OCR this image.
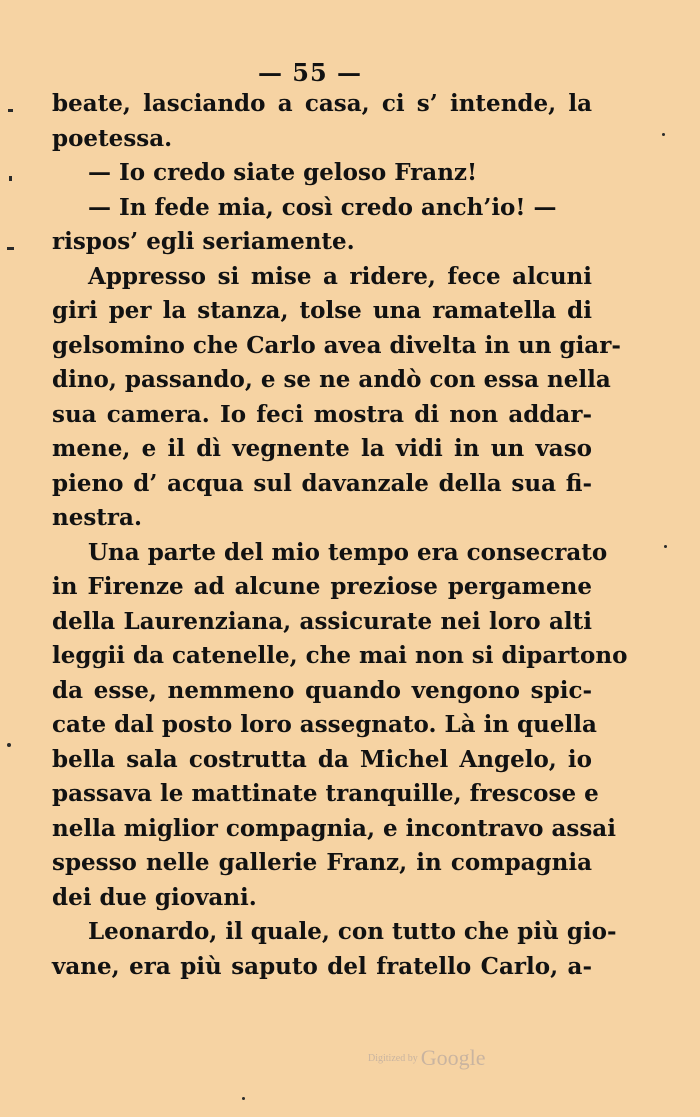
— 55 —
beate, lasciando a casa, ci s’ intende, la
poetessa.
— Io credo siate geloso Franz!
— In fede mia, così credo anch’io! —
rispos’ egli seriamente.
Appresso si mise a ridere, fece alcuni
giri per la stanza, tolse una ramatella di
gelsomino che Carlo avea divelta in un giar-
dino, passando, e se ne andò con essa nella
sua camera. Io feci mostra di non addar-
mene, e il dì vegnente la vidi in un vaso
pieno d’ acqua sul davanzale della sua fi-
nestra.
Una parte del mio tempo era consecrato
in Firenze ad alcune preziose pergamene
della Laurenziana, assicurate nei loro alti
leggii da catenelle, che mai non si dipartono
da esse, nemmeno quando vengono spic-
cate dal posto loro assegnato. Là in quella
bella sala costrutta da Michel Angelo, io
passava le mattinate tranquille, frescose e
nella miglior compagnia, e incontravo assai
spesso nelle gallerie Franz, in compagnia
dei due giovani.
Leonardo, il quale, con tutto che più gio-
vane, era più saputo del fratello Carlo, a-
Digitized by Google
